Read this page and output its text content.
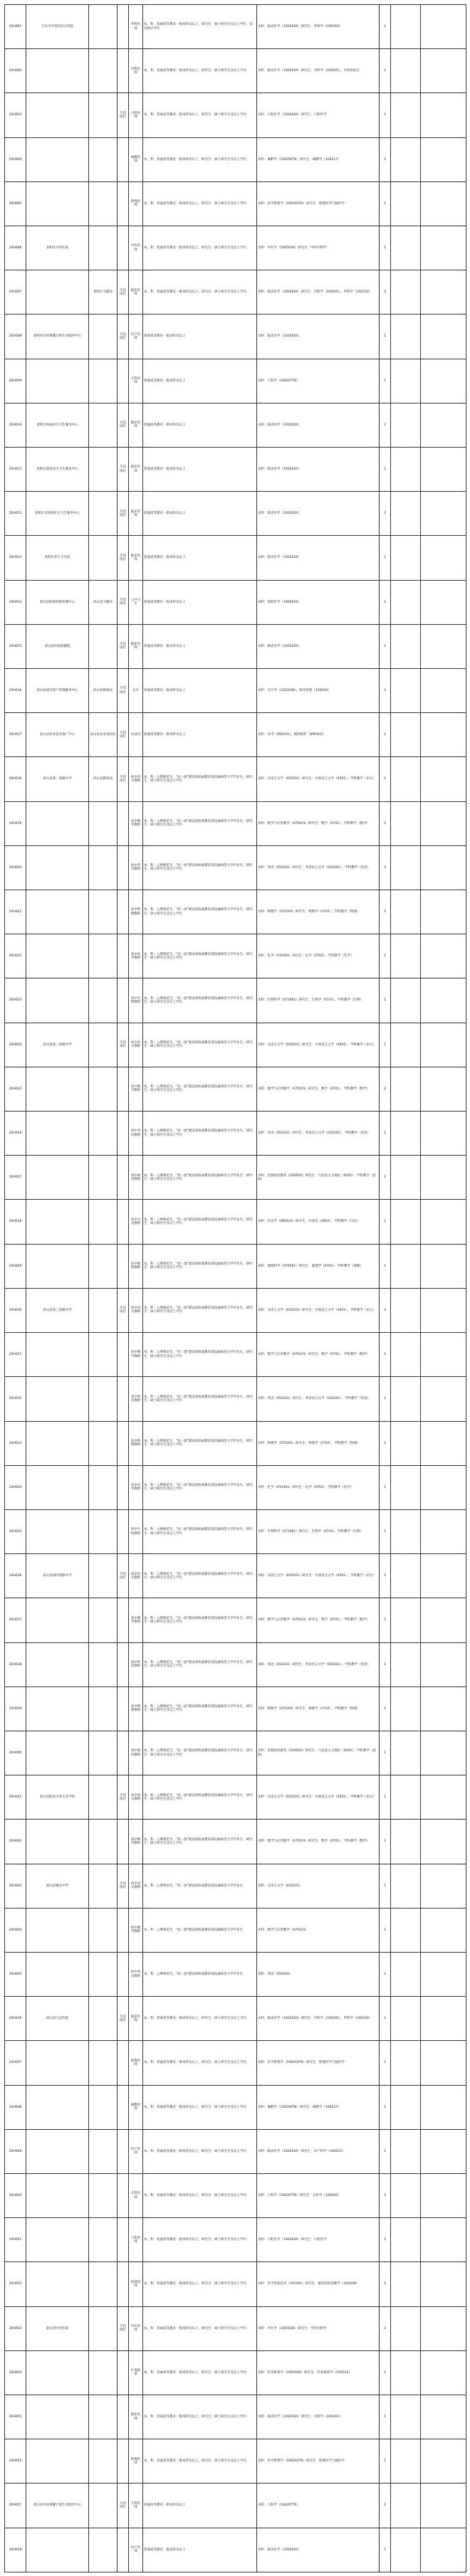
20H001	天水市中西医结合医院			外科医师	本、科：普通高等教育一般本科及以上，研究生：硕士研究生及以上学历，具有相应学位	本科：临床医学（100201K）研究生：外科学（100210）	1		
20H002				内科医师	本、科：普通高等教育一般本科及以上，研究生：硕士研究生及以上学历	本科：临床医学（100201K）研究生：内科学（100201）、中西医结合	1		
20H003			专技岗位	口腔医师	本、科：普通高等教育一般本科及以上，研究生：硕士研究生及以上学历	本科：口腔医学（100301K）研究生：口腔医学	1		
20H004				麻醉医师	本、科：普通高等教育一般本科及以上，研究生：硕士研究生及以上学历	本科：麻醉学（100202TK）研究生：麻醉学（100217）	1		
20H005				影像医师	本、科：普通高等教育一般本科及以上，研究生：硕士研究生及以上学历	本科：医学影像学（100203TK）研究生：影像医学与核医学	1		
20H006	麦积区中医医院			中医医师	本、科：普通高等教育一般本科及以上，研究生：硕士研究生及以上学历	本科：中医学（100501K）研究生：中医内科学	1		
20H007		麦积区卫健局	专技岗位	临床医师	本、科：普通高等教育一般本科及以上，研究生：硕士研究生及以上学历	本科：临床医学（100201K）研究生：内科学（100201）、外科学（100210）	2		
20H008	麦积区妇幼保健计划生育服务中心		专技岗位	妇产医师	普通高等教育一般本科及以上	本科：临床医学（100201K）	1		
20H009				儿科医师	普通高等教育一般本科及以上	本科：儿科学（100207TK）	1		
20H010	麦积区桥南社区卫生服务中心		专技岗位	临床医师	普通高等教育一般本科及以上	本科：临床医学（100201K）	1		
20H011	麦积区道南社区卫生服务中心		专技岗位	临床医师	普通高等教育一般本科及以上	本科：临床医学（100201K）	1		
20H012	麦积区北道埠社区卫生服务中心		专技岗位	临床医师	普通高等教育一般本科及以上	本科：临床医学（100201K）	1		
20H013	麦积区花牛卫生院		专技岗位	临床医师	普通高等教育一般本科及以上	本科：临床医学（100201K）	1		
20H014	武山县疾病预防控制中心	武山县卫健局	专技岗位	公共卫生	普通高等教育一般本科及以上	本科：预防医学（100401K）	1		
20H015	武山县妇幼保健院		专技岗位	临床医师	普通高等教育一般本科及以上	本科：临床医学（100201K）	1		
20H016	武山县国有资产管理服务中心	武山县财政局	专技岗位	会计	普通高等教育一般本科及以上	本科：会计学（120203K）、财务管理（120204）	1		
20H017	武山县农业技术推广中心	武山县农业农村局	专技岗位	农技员	普通高等教育一般本科及以上	本科：农学（090101）、植物保护（090103）	1		
20H018	武山县第一高级中学	武山县教育局	专技岗位	高中语文教师	本、科：公费师范生、"双一流"建设高校或教育部直属师范大学毕业生；研究生：硕士研究生及以上学历	本科：汉语言文学（050101）研究生：中国语言文学（0501）、学科教学（语文）	2		
20H019				高中数学教师	本、科：公费师范生、"双一流"建设高校或教育部直属师范大学毕业生；研究生：硕士研究生及以上学历	本科：数学与应用数学（070101）研究生：数学（0701）、学科教学（数学）	2		
20H020				高中英语教师	本、科：公费师范生、"双一流"建设高校或教育部直属师范大学毕业生；研究生：硕士研究生及以上学历	本科：英语（050201）研究生：英语语言文学（050201）、学科教学（英语）	2		
20H021				高中物理教师	本、科：公费师范生、"双一流"建设高校或教育部直属师范大学毕业生；研究生：硕士研究生及以上学历	本科：物理学（070201）研究生：物理学（0702）、学科教学（物理）	1		
20H022				高中化学教师	本、科：公费师范生、"双一流"建设高校或教育部直属师范大学毕业生；研究生：硕士研究生及以上学历	本科：化学（070301）研究生：化学（0703）、学科教学（化学）	1		
20H023				高中生物教师	本、科：公费师范生、"双一流"建设高校或教育部直属师范大学毕业生；研究生：硕士研究生及以上学历	本科：生物科学（071001）研究生：生物学（0710）、学科教学（生物）	1		
20H024	武山县第二高级中学		专技岗位	高中语文教师	本、科：公费师范生、"双一流"建设高校或教育部直属师范大学毕业生；研究生：硕士研究生及以上学历	本科：汉语言文学（050101）研究生：中国语言文学（0501）、学科教学（语文）	2		
20H025				高中数学教师	本、科：公费师范生、"双一流"建设高校或教育部直属师范大学毕业生；研究生：硕士研究生及以上学历	本科：数学与应用数学（070101）研究生：数学（0701）、学科教学（数学）	2		
20H026				高中英语教师	本、科：公费师范生、"双一流"建设高校或教育部直属师范大学毕业生；研究生：硕士研究生及以上学历	本科：英语（050201）研究生：英语语言文学（050201）、学科教学（英语）	1		
20H027				高中政治教师	本、科：公费师范生、"双一流"建设高校或教育部直属师范大学毕业生；研究生：硕士研究生及以上学历	本科：思想政治教育（030503）研究生：马克思主义理论（0305）、学科教学（思政）	1		
20H028				高中历史教师	本、科：公费师范生、"双一流"建设高校或教育部直属师范大学毕业生；研究生：硕士研究生及以上学历	本科：历史学（060101）研究生：中国史（0602）、学科教学（历史）	1		
20H029				高中地理教师	本、科：公费师范生、"双一流"建设高校或教育部直属师范大学毕业生；研究生：硕士研究生及以上学历	本科：地理科学（070501）研究生：地理学（0705）、学科教学（地理）	1		
20H030	武山县第三高级中学		专技岗位	高中语文教师	本、科：公费师范生、"双一流"建设高校或教育部直属师范大学毕业生；研究生：硕士研究生及以上学历	本科：汉语言文学（050101）研究生：中国语言文学（0501）、学科教学（语文）	1		
20H031				高中数学教师	本、科：公费师范生、"双一流"建设高校或教育部直属师范大学毕业生；研究生：硕士研究生及以上学历	本科：数学与应用数学（070101）研究生：数学（0701）、学科教学（数学）	1		
20H032				高中英语教师	本、科：公费师范生、"双一流"建设高校或教育部直属师范大学毕业生；研究生：硕士研究生及以上学历	本科：英语（050201）研究生：英语语言文学（050201）、学科教学（英语）	1		
20H033				高中物理教师	本、科：公费师范生、"双一流"建设高校或教育部直属师范大学毕业生；研究生：硕士研究生及以上学历	本科：物理学（070201）研究生：物理学（0702）、学科教学（物理）	1		
20H034				高中化学教师	本、科：公费师范生、"双一流"建设高校或教育部直属师范大学毕业生；研究生：硕士研究生及以上学历	本科：化学（070301）研究生：化学（0703）、学科教学（化学）	1		
20H035				高中生物教师	本、科：公费师范生、"双一流"建设高校或教育部直属师范大学毕业生；研究生：硕士研究生及以上学历	本科：生物科学（071001）研究生：生物学（0710）、学科教学（生物）	1		
20H036	武山县第四高级中学		专技岗位	高中语文教师	本、科：公费师范生、"双一流"建设高校或教育部直属师范大学毕业生；研究生：硕士研究生及以上学历	本科：汉语言文学（050101）研究生：中国语言文学（0501）、学科教学（语文）	1		
20H037				高中数学教师	本、科：公费师范生、"双一流"建设高校或教育部直属师范大学毕业生；研究生：硕士研究生及以上学历	本科：数学与应用数学（070101）研究生：数学（0701）、学科教学（数学）	1		
20H038				高中英语教师	本、科：公费师范生、"双一流"建设高校或教育部直属师范大学毕业生；研究生：硕士研究生及以上学历	本科：英语（050201）研究生：英语语言文学（050201）、学科教学（英语）	1		
20H039				高中物理教师	本、科：公费师范生、"双一流"建设高校或教育部直属师范大学毕业生；研究生：硕士研究生及以上学历	本科：物理学（070201）研究生：物理学（0702）、学科教学（物理）	1		
20H040				高中政治教师	本、科：公费师范生、"双一流"建设高校或教育部直属师范大学毕业生；研究生：硕士研究生及以上学历	本科：思想政治教育（030503）研究生：马克思主义理论（0305）、学科教学（思政）	1		
20H041	武山县职业中等专业学校		专技岗位	高中语文教师	本、科：公费师范生、"双一流"建设高校或教育部直属师范大学毕业生；研究生：硕士研究生及以上学历	本科：汉语言文学（050101）研究生：中国语言文学（0501）、学科教学（语文）	1		
20H042				高中数学教师	本、科：公费师范生、"双一流"建设高校或教育部直属师范大学毕业生；研究生：硕士研究生及以上学历	本科：数学与应用数学（070101）研究生：数学（0701）、学科教学（数学）	1		
20H043	武山县城关中学		专技岗位	初中语文教师	本、科：公费师范生、"双一流"建设高校或教育部直属师范大学毕业生	本科：汉语言文学（050101）	1		
20H044				初中数学教师	本、科：公费师范生、"双一流"建设高校或教育部直属师范大学毕业生	本科：数学与应用数学（070101）	1		
20H045				初中英语教师	本、科：公费师范生、"双一流"建设高校或教育部直属师范大学毕业生	本科：英语（050201）	1		
20H046	武山县人民医院		专技岗位	临床医师	本、科：普通高等教育一般本科及以上，研究生：硕士研究生及以上学历	本科：临床医学（100201K）研究生：内科学（100201）、外科学（100210）	2		
20H047				影像医师	本、科：普通高等教育一般本科及以上，研究生：硕士研究生及以上学历	本科：医学影像学（100203TK）研究生：影像医学与核医学	1		
20H048				麻醉医师	本、科：普通高等教育一般本科及以上，研究生：硕士研究生及以上学历	本科：麻醉学（100202TK）研究生：麻醉学（100217）	1		
20H049				妇产医师	本、科：普通高等教育一般本科及以上，研究生：硕士研究生及以上学历	本科：临床医学（100201K）研究生：妇产科学（100211）	1		
20H050				儿科医师	本、科：普通高等教育一般本科及以上，研究生：硕士研究生及以上学历	本科：儿科学（100207TK）研究生：儿科学（100202）	1		
20H051				口腔医师	本、科：普通高等教育一般本科及以上，研究生：硕士研究生及以上学历	本科：口腔医学（100301K）研究生：口腔医学	1		
20H052				检验技师	本、科：普通高等教育一般本科及以上，研究生：硕士研究生及以上学历	本科：医学检验技术（101001）研究生：临床检验诊断学（100208）	1		
20H053	武山县中医医院		专技岗位	中医医师	本、科：普通高等教育一般本科及以上，研究生：硕士研究生及以上学历	本科：中医学（100501K）研究生：中医内科学	2		
20H054				针灸推拿	本、科：普通高等教育一般本科及以上，研究生：硕士研究生及以上学历	本科：针灸推拿学（100502K）研究生：针灸推拿学（100512）	1		
20H055				临床医师	本、科：普通高等教育一般本科及以上，研究生：硕士研究生及以上学历	本科：临床医学（100201K）研究生：内科学（100201）	1		
20H056				影像医师	本、科：普通高等教育一般本科及以上，研究生：硕士研究生及以上学历	本科：医学影像学（100203TK）研究生：影像医学与核医学	1		
20H057	武山县妇幼保健计划生育服务中心		专技岗位	儿科医师	普通高等教育一般本科及以上	本科：儿科学（100207TK）	1		
20H058				妇产医师	普通高等教育一般本科及以上	本科：临床医学（100201K）	1		
